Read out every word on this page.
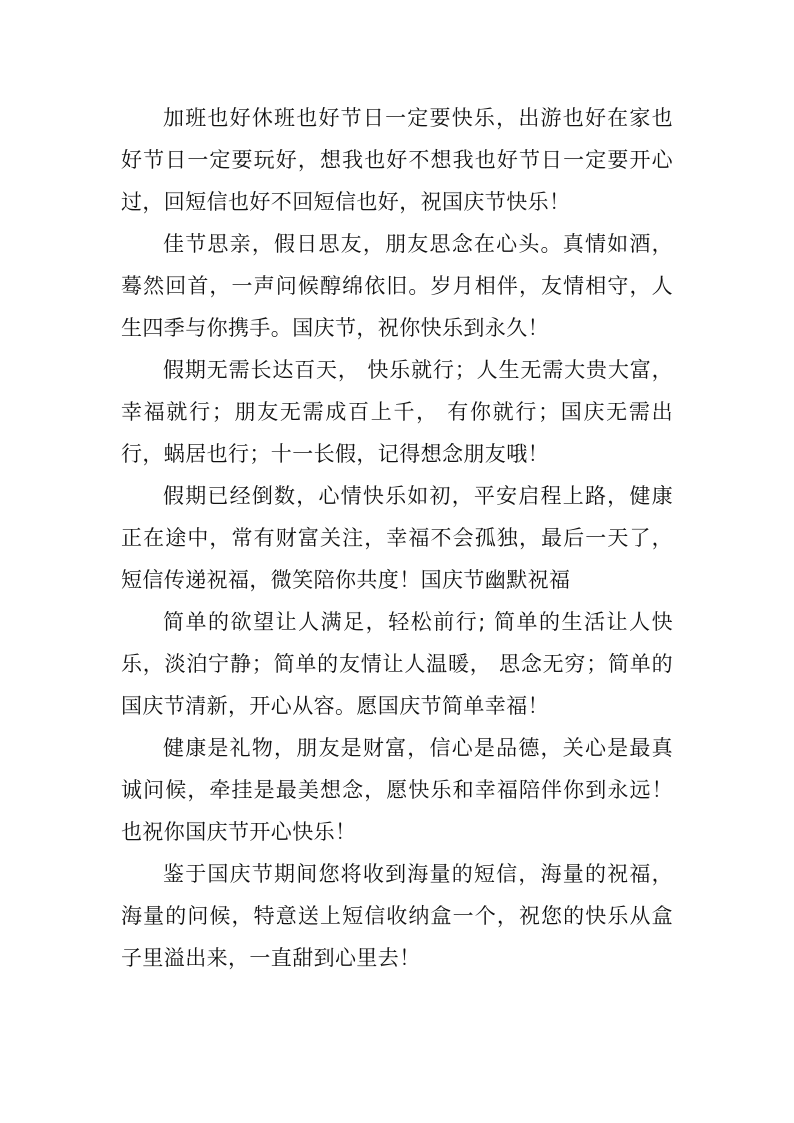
加班也好休班也好节日一定要快乐，出游也好在家也好节日一定要玩好，想我也好不想我也好节日一定要开心过，回短信也好不回短信也好，祝国庆节快乐！

佳节思亲，假日思友，朋友思念在心头。真情如酒，蓦然回首，一声问候醇绵依旧。岁月相伴，友情相守，人生四季与你携手。国庆节，祝你快乐到永久！

假期无需长达百天， 快乐就行；人生无需大贵大富，幸福就行；朋友无需成百上千， 有你就行；国庆无需出行，蜗居也行；十一长假，记得想念朋友哦！

假期已经倒数，心情快乐如初，平安启程上路，健康正在途中，常有财富关注，幸福不会孤独，最后一天了，短信传递祝福，微笑陪你共度！国庆节幽默祝福

简单的欲望让人满足，轻松前行; 简单的生活让人快乐，淡泊宁静；简单的友情让人温暖， 思念无穷；简单的国庆节清新，开心从容。愿国庆节简单幸福！

健康是礼物，朋友是财富，信心是品德，关心是最真诚问候，牵挂是最美想念，愿快乐和幸福陪伴你到永远！也祝你国庆节开心快乐！

鉴于国庆节期间您将收到海量的短信，海量的祝福，海量的问候，特意送上短信收纳盒一个，祝您的快乐从盒子里溢出来，一直甜到心里去！
